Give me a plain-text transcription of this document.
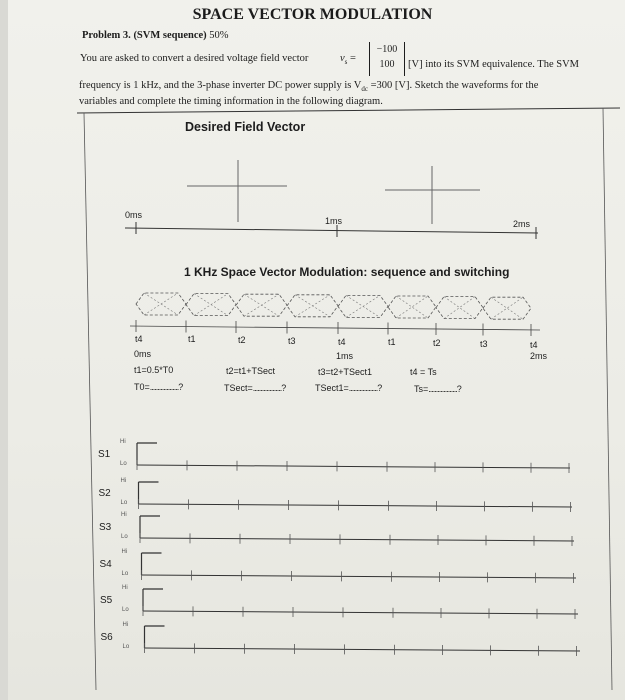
SPACE VECTOR MODULATION
Problem 3. (SVM sequence) 50%
You are asked to convert a desired voltage field vector	$v_s$ =
−100
100	[V] into its SVM equivalence. The SVM
frequency is 1 kHz, and the 3-phase inverter DC power supply is $V_{dc} =300$ [V]. Sketch the waveforms for the
variables and complete the timing information in the following diagram.
Desired Field Vector
0ms
1ms	2ms
1 KHz Space Vector Modulation: sequence and switching
t4	t1	t2	t3	t4	t1	t2	t3	t4
0ms	1ms	2ms
t1=0.5*T0	t2=t1+TSect	t3=t2+TSect1	t4 = Ts
T0=...................?	TSect=...................?	TSect1=...................?	Ts=...................?
S1
Hi
Lo
S2
Hi
Lo
S3
Hi
Lo
S4
Hi
Lo
S5
Hi
Lo
S6
Hi
Lo
